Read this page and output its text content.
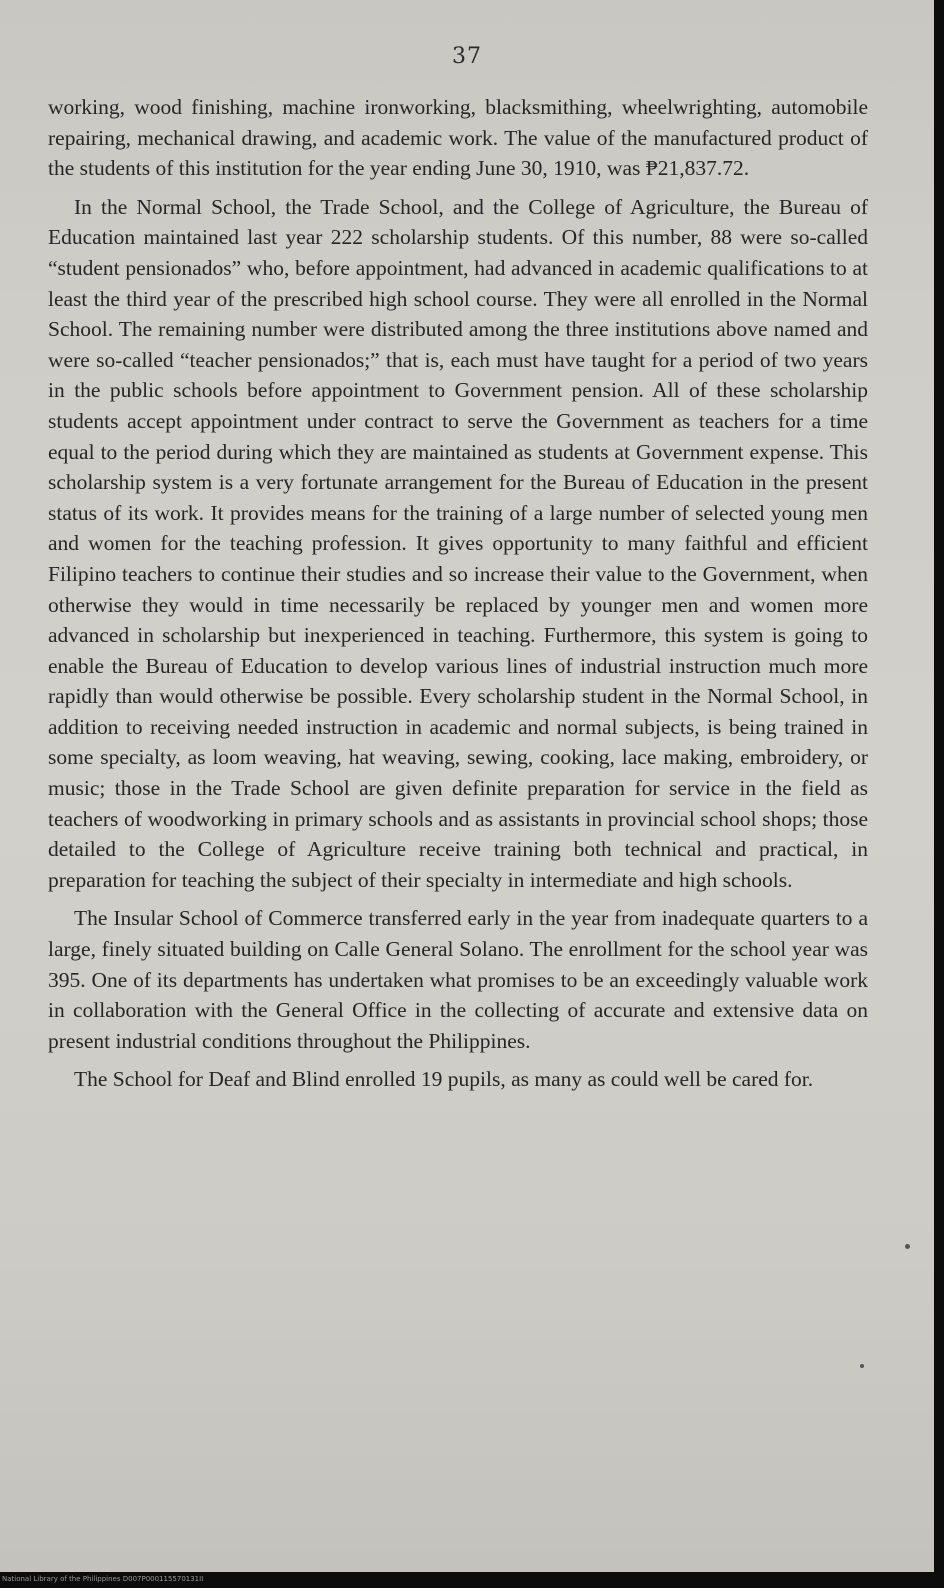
37

working, wood finishing, machine ironworking, blacksmithing, wheelwrighting, automobile repairing, mechanical drawing, and academic work. The value of the manufactured product of the students of this institution for the year ending June 30, 1910, was ₱21,837.72.

In the Normal School, the Trade School, and the College of Agriculture, the Bureau of Education maintained last year 222 scholarship students. Of this number, 88 were so-called “student pensionados” who, before appointment, had advanced in academic qualifications to at least the third year of the prescribed high school course. They were all enrolled in the Normal School. The remaining number were distributed among the three institutions above named and were so-called “teacher pensionados;” that is, each must have taught for a period of two years in the public schools before appointment to Government pension. All of these scholarship students accept appointment under contract to serve the Government as teachers for a time equal to the period during which they are maintained as students at Government expense. This scholarship system is a very fortunate arrangement for the Bureau of Education in the present status of its work. It provides means for the training of a large number of selected young men and women for the teaching profession. It gives opportunity to many faithful and efficient Filipino teachers to continue their studies and so increase their value to the Government, when otherwise they would in time necessarily be replaced by younger men and women more advanced in scholarship but inexperienced in teaching. Furthermore, this system is going to enable the Bureau of Education to develop various lines of industrial instruction much more rapidly than would otherwise be possible. Every scholarship student in the Normal School, in addition to receiving needed instruction in academic and normal subjects, is being trained in some specialty, as loom weaving, hat weaving, sewing, cooking, lace making, embroidery, or music; those in the Trade School are given definite preparation for service in the field as teachers of woodworking in primary schools and as assistants in provincial school shops; those detailed to the College of Agriculture receive training both technical and practical, in preparation for teaching the subject of their specialty in intermediate and high schools.

The Insular School of Commerce transferred early in the year from inadequate quarters to a large, finely situated building on Calle General Solano. The enrollment for the school year was 395. One of its departments has undertaken what promises to be an exceedingly valuable work in collaboration with the General Office in the collecting of accurate and extensive data on present industrial conditions throughout the Philippines.

The School for Deaf and Blind enrolled 19 pupils, as many as could well be cared for.

National Library of the Philippines D007P000115570131II
